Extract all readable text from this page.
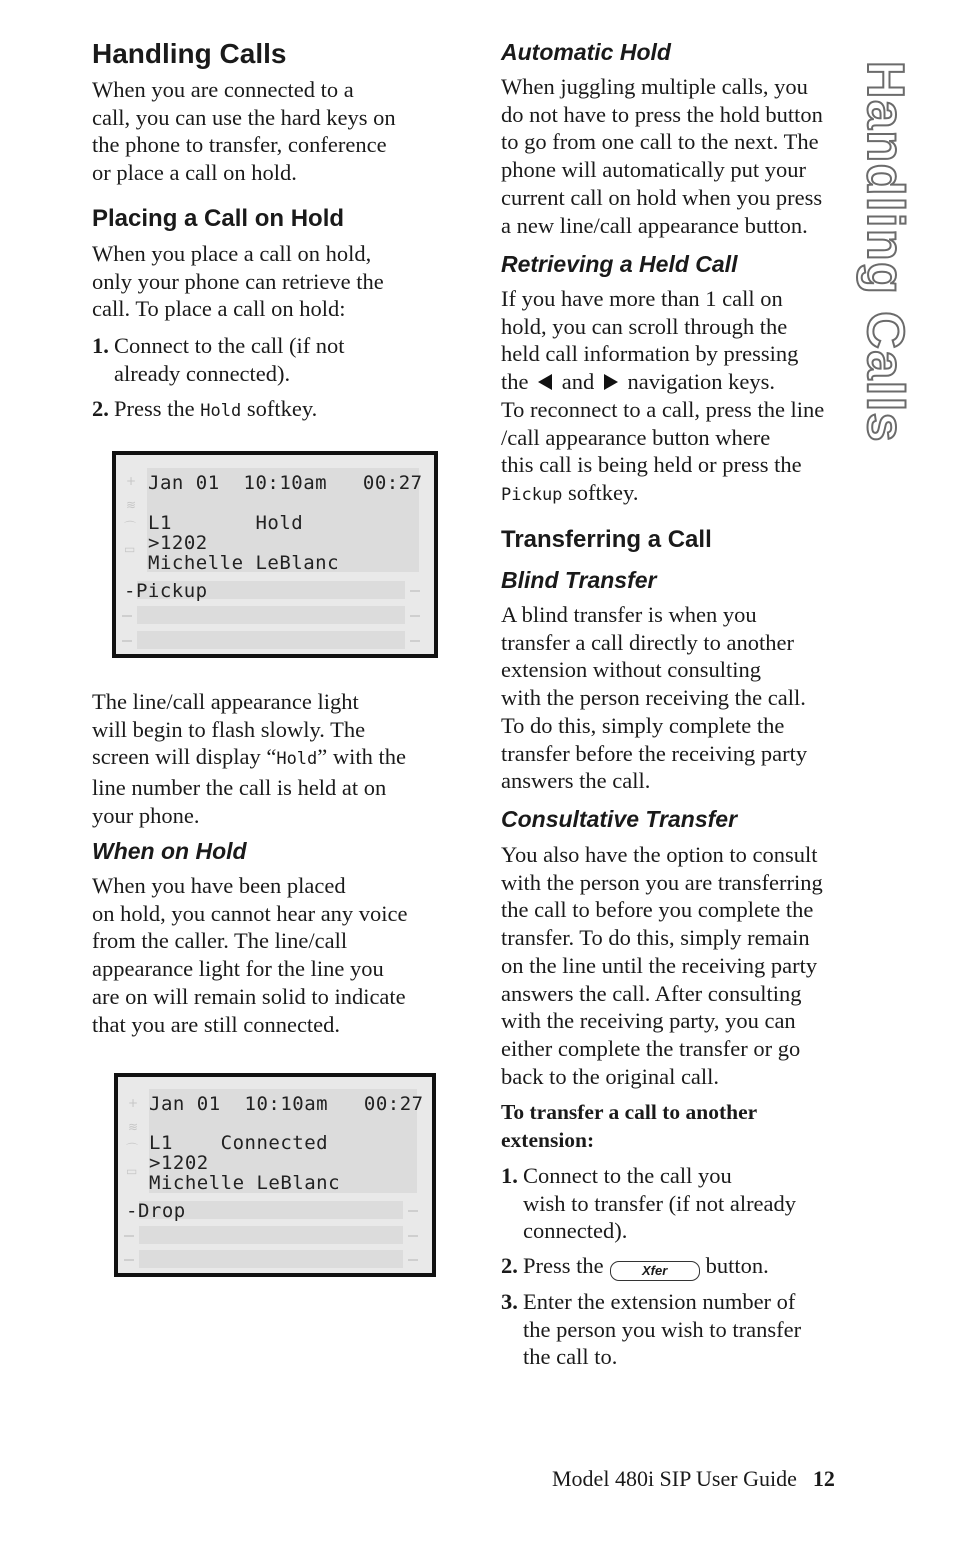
Handling Calls
Handling Calls
When you are connected to a
call, you can use the hard keys on
the phone to transfer, conference
or place a call on hold.
Placing a Call on Hold
When you place a call on hold,
only your phone can retrieve the
call. To place a call on hold:
1. Connect to the call (if not
already connected).
2. Press the Hold softkey.
+
≋
⌒
▭
Jan 01  10:10am   00:27
L1       Hold
>1202
Michelle LeBlanc
-Pickup
The line/call appearance light
will begin to flash slowly. The
screen will display “Hold” with the
line number the call is held at on
your phone.
When on Hold
When you have been placed
on hold, you cannot hear any voice
from the caller. The line/call
appearance light for the line you
are on will remain solid to indicate
that you are still connected.
+
≋
⌒
▭
Jan 01  10:10am   00:27
L1    Connected
>1202
Michelle LeBlanc
-Drop
Automatic Hold
When juggling multiple calls, you
do not have to press the hold button
to go from one call to the next. The
phone will automatically put your
current call on hold when you press
a new line/call appearance button.
Retrieving a Held Call
If you have more than 1 call on
hold, you can scroll through the
held call information by pressing
the and navigation keys.
To reconnect to a call, press the line
/call appearance button where
this call is being held or press the
Pickup softkey.
Transferring a Call
Blind Transfer
A blind transfer is when you
transfer a call directly to another
extension without consulting
with the person receiving the call.
To do this, simply complete the
transfer before the receiving party
answers the call.
Consultative Transfer
You also have the option to consult
with the person you are transferring
the call to before you complete the
transfer. To do this, simply remain
on the line until the receiving party
answers the call. After consulting
with the receiving party, you can
either complete the transfer or go
back to the original call.
To transfer a call to another
extension:
1. Connect to the call you
wish to transfer (if not already
connected).
2. Press the	Xfer button.
3. Enter the extension number of
the person you wish to transfer
the call to.
Model 480i SIP User Guide 12
